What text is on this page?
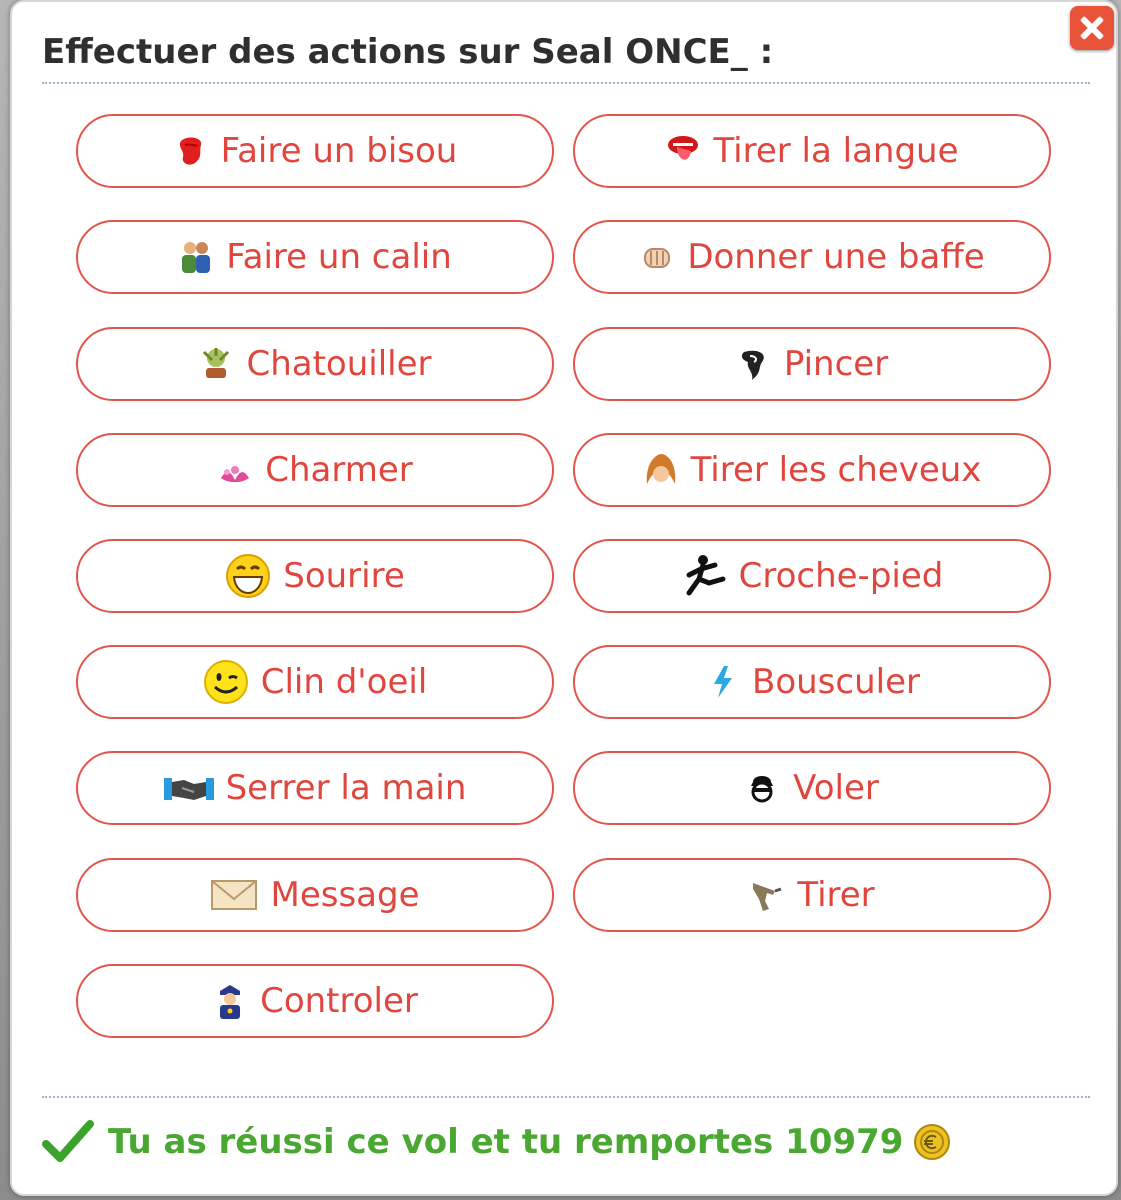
Effectuer des actions sur Seal ONCE_ :
Faire un bisou	Tirer la langue
Faire un calin	Donner une baffe
Chatouiller	Pincer
Charmer	Tirer les cheveux
Sourire	Croche-pied
Clin d'oeil	Bousculer
Serrer la main	Voler
Message	Tirer
Controler
Tu as réussi ce vol et tu remportes 10979
